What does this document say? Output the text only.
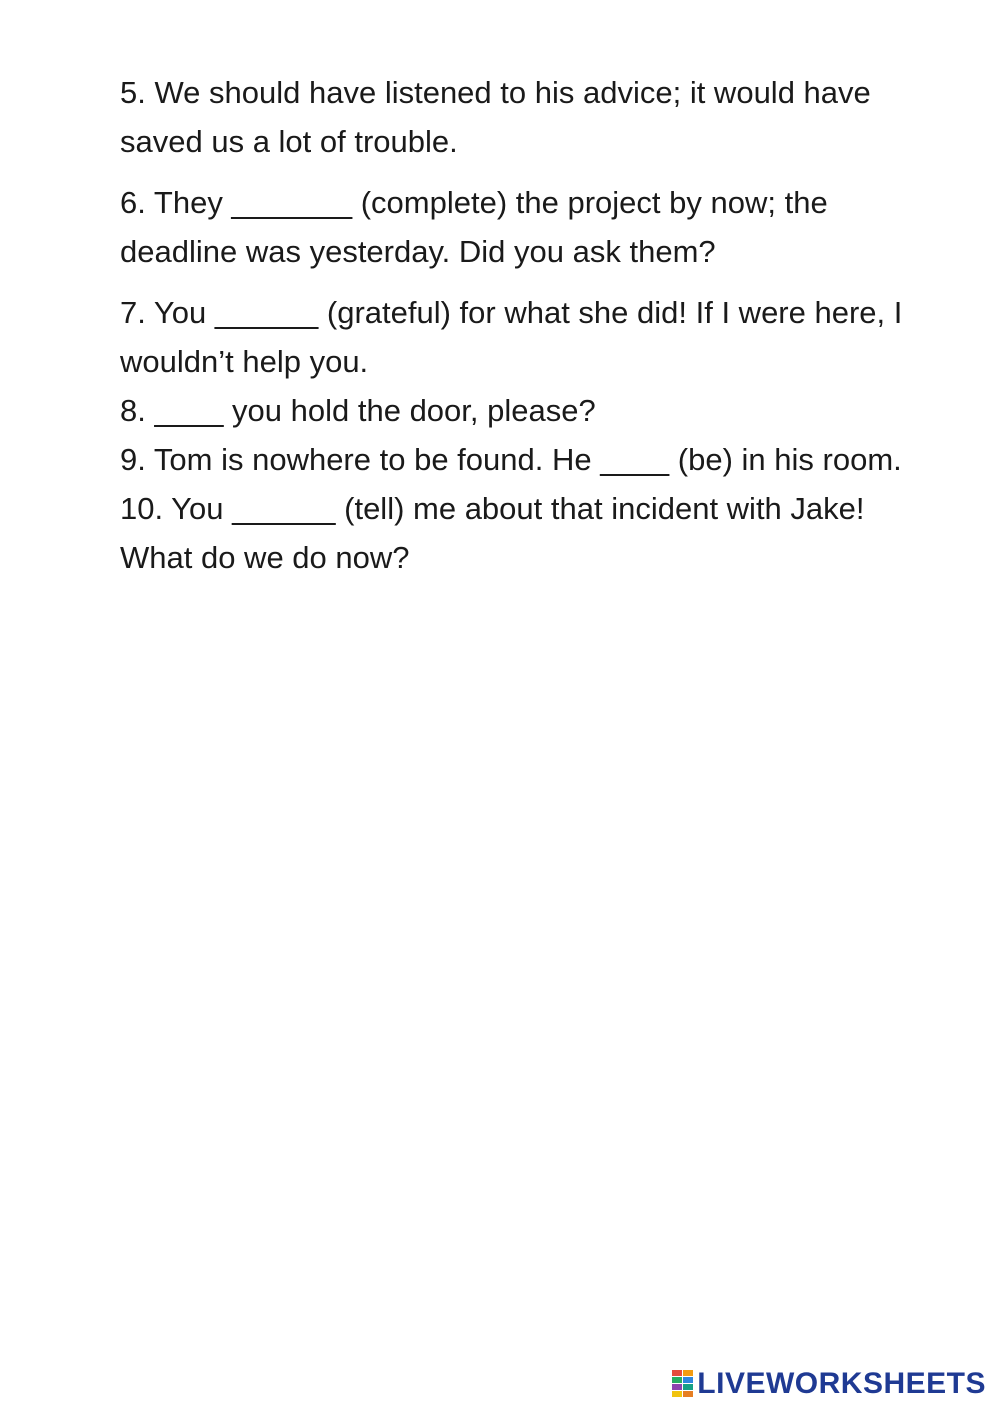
5. We should have listened to his advice; it would have saved us a lot of trouble.

6. They _______ (complete) the project by now; the deadline was yesterday. Did you ask them?

7. You ______ (grateful) for what she did! If I were here, I wouldn’t help you.

8. ____ you hold the door, please?

9. Tom is nowhere to be found. He ____ (be) in his room.

10. You ______ (tell) me about that incident with Jake! What do we do now?

LIVEWORKSHEETS
